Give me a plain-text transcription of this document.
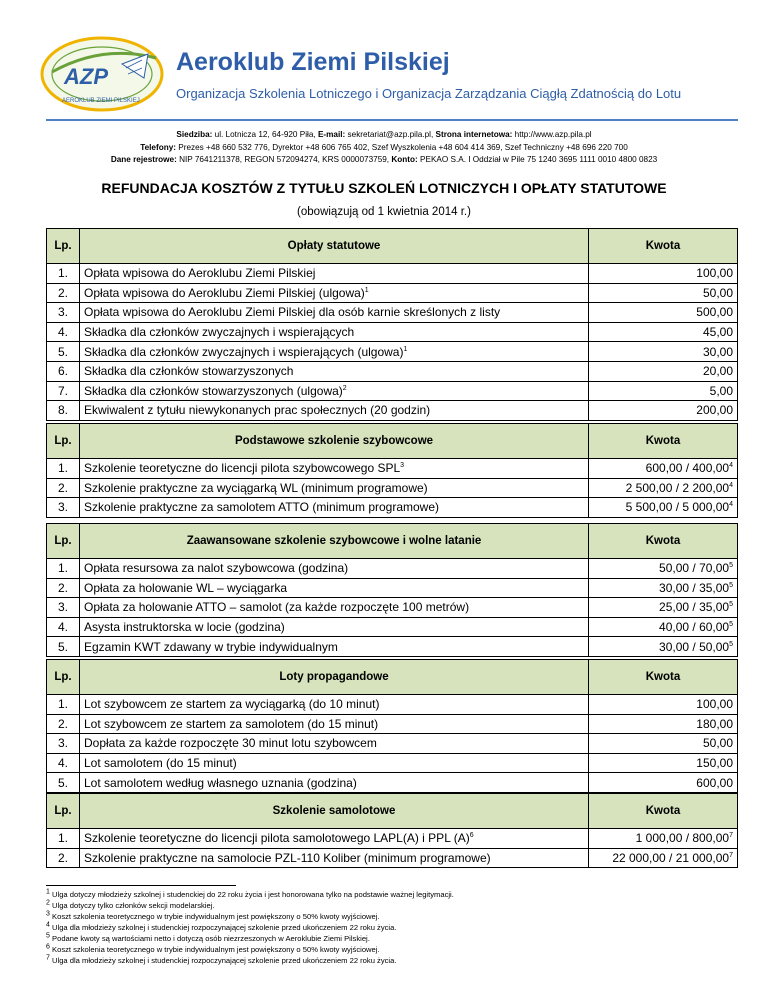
AZP
AEROKLUB ZIEMI PILSKIEJ
Aeroklub Ziemi Pilskiej
Organizacja Szkolenia Lotniczego i Organizacja Zarządzania Ciągłą Zdatnością do Lotu
Siedziba: ul. Lotnicza 12, 64-920 Piła, E-mail: sekretariat@azp.pila.pl, Strona internetowa: http://www.azp.pila.pl
Telefony: Prezes +48 660 532 776, Dyrektor +48 606 765 402, Szef Wyszkolenia +48 604 414 369, Szef Techniczny +48 696 220 700
Dane rejestrowe: NIP 7641211378, REGON 572094274, KRS 0000073759, Konto: PEKAO S.A. I Oddział w Pile 75 1240 3695 1111 0010 4800 0823
REFUNDACJA KOSZTÓW Z TYTUŁU SZKOLEŃ LOTNICZYCH I OPŁATY STATUTOWE
(obowiązują od 1 kwietnia 2014 r.)
Lp.	Opłaty statutowe	Kwota
1.	Opłata wpisowa do Aeroklubu Ziemi Pilskiej	100,00
2.	Opłata wpisowa do Aeroklubu Ziemi Pilskiej (ulgowa)$^1$	50,00
3.	Opłata wpisowa do Aeroklubu Ziemi Pilskiej dla osób karnie skreślonych z listy	500,00
4.	Składka dla członków zwyczajnych i wspierających	45,00
5.	Składka dla członków zwyczajnych i wspierających (ulgowa)$^1$	30,00
6.	Składka dla członków stowarzyszonych	20,00
7.	Składka dla członków stowarzyszonych (ulgowa)$^2$	5,00
8.	Ekwiwalent z tytułu niewykonanych prac społecznych (20 godzin)	200,00
Lp.	Podstawowe szkolenie szybowcowe	Kwota
1.	Szkolenie teoretyczne do licencji pilota szybowcowego SPL$^3$	600,00 / 400,00$^4$
2.	Szkolenie praktyczne za wyciągarką WL (minimum programowe)	2 500,00 / 2 200,00$^4$
3.	Szkolenie praktyczne za samolotem ATTO (minimum programowe)	5 500,00 / 5 000,00$^4$
Lp.	Zaawansowane szkolenie szybowcowe i wolne latanie	Kwota
1.	Opłata resursowa za nalot szybowcowa (godzina)	50,00 / 70,00$^5$
2.	Opłata za holowanie WL – wyciągarka	30,00 / 35,00$^5$
3.	Opłata za holowanie ATTO – samolot (za każde rozpoczęte 100 metrów)	25,00 / 35,00$^5$
4.	Asysta instruktorska w locie (godzina)	40,00 / 60,00$^5$
5.	Egzamin KWT zdawany w trybie indywidualnym	30,00 / 50,00$^5$
Lp.	Loty propagandowe	Kwota
1.	Lot szybowcem ze startem za wyciągarką (do 10 minut)	100,00
2.	Lot szybowcem ze startem za samolotem (do 15 minut)	180,00
3.	Dopłata za każde rozpoczęte 30 minut lotu szybowcem	50,00
4.	Lot samolotem (do 15 minut)	150,00
5.	Lot samolotem według własnego uznania (godzina)	600,00
Lp.	Szkolenie samolotowe	Kwota
1.	Szkolenie teoretyczne do licencji pilota samolotowego LAPL(A) i PPL $(A)^6$	1 000,00 / 800,00$^7$
2.	Szkolenie praktyczne na samolocie PZL-110 Koliber (minimum programowe)	22 000,00 / 21 000,00$^7$
$^1$ Ulga dotyczy młodzieży szkolnej i studenckiej do 22 roku życia i jest honorowana tylko na podstawie ważnej legitymacji.
$^2$ Ulga dotyczy tylko członków sekcji modelarskiej.
$^3$ Koszt szkolenia teoretycznego w trybie indywidualnym jest powiększony o 50% kwoty wyjściowej.
$^4$ Ulga dla młodzieży szkolnej i studenckiej rozpoczynającej szkolenie przed ukończeniem 22 roku życia.
$^5$ Podane kwoty są wartościami netto i dotyczą osób niezrzeszonych w Aeroklubie Ziemi Pilskiej.
$^6$ Koszt szkolenia teoretycznego w trybie indywidualnym jest powiększony o 50% kwoty wyjściowej.
$^7$ Ulga dla młodzieży szkolnej i studenckiej rozpoczynającej szkolenie przed ukończeniem 22 roku życia.
